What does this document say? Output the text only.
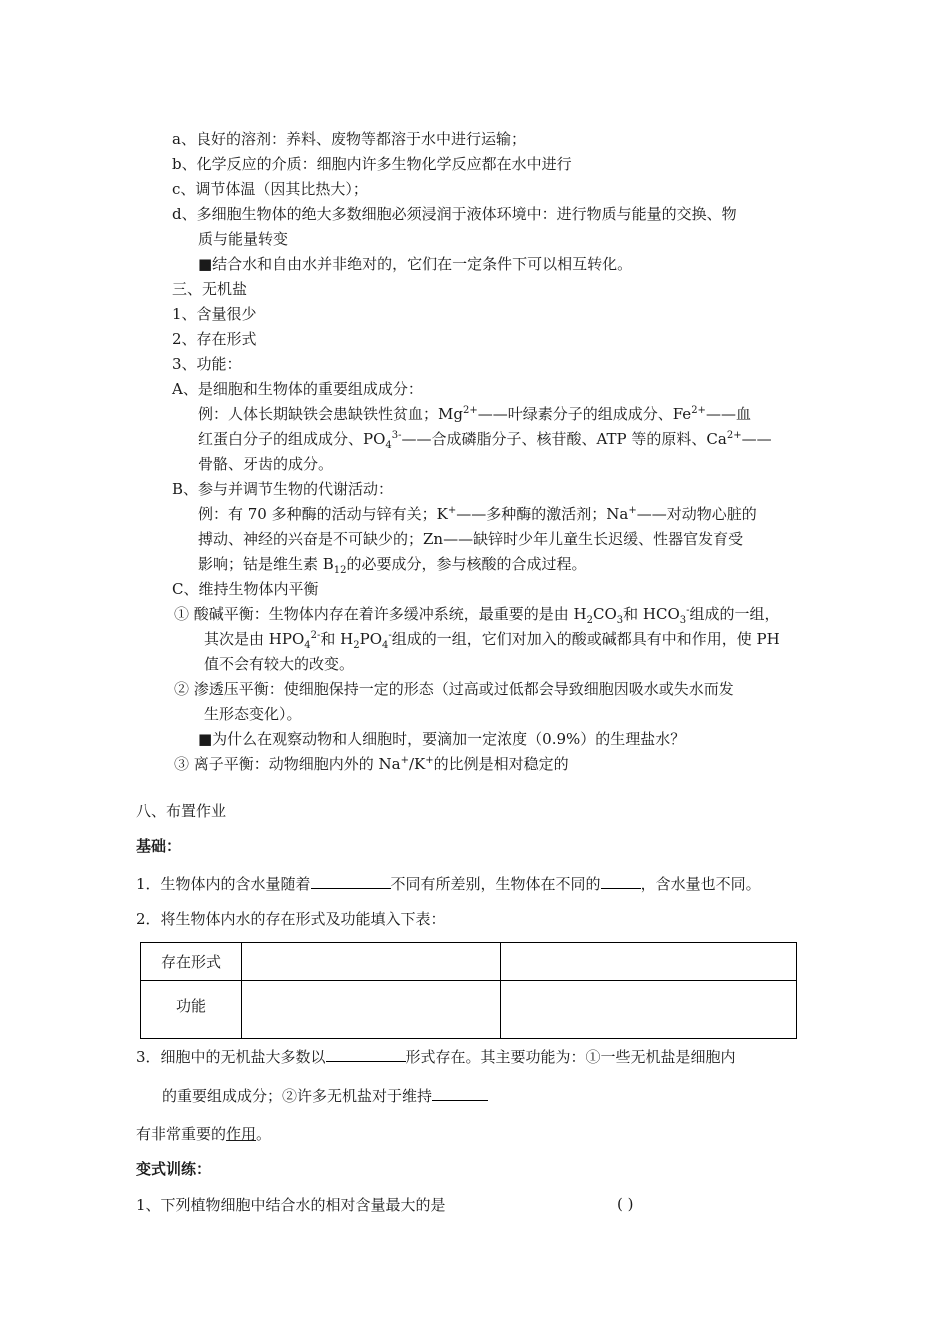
a、良好的溶剂：养料、废物等都溶于水中进行运输；
b、化学反应的介质：细胞内许多生物化学反应都在水中进行
c、调节体温（因其比热大）；
d、多细胞生物体的绝大多数细胞必须浸润于液体环境中：进行物质与能量的交换、物
质与能量转变
■结合水和自由水并非绝对的，它们在一定条件下可以相互转化。
三、无机盐
1、含量很少
2、存在形式
3、功能：
A、是细胞和生物体的重要组成成分：
例：人体长期缺铁会患缺铁性贫血；$Mg^{2+}——$叶绿素分子的组成成分、$Fe^{2+}——$血
红蛋白分子的组成成分、$PO_4^{3-}——$合成磷脂分子、核苷酸、ATP 等的原料、$Ca^{2+}——$
骨骼、牙齿的成分。
B、参与并调节生物的代谢活动：
例：有 70 多种酶的活动与锌有关；K+——多种酶的激活剂；Na+——对动物心脏的
搏动、神经的兴奋是不可缺少的；Zn——缺锌时少年儿童生长迟缓、性器官发育受
影响；钴是维生素 $B_{12}$的必要成分，参与核酸的合成过程。
C、维持生物体内平衡
① 酸碱平衡：生物体内存在着许多缓冲系统，最重要的是由 $H_2CO_3$和 $HCO_3^-$组成的一组，
其次是由 $HPO_4^{2-}$和 $H_2PO_4^-$组成的一组，它们对加入的酸或碱都具有中和作用，使 PH
值不会有较大的改变。
② 渗透压平衡：使细胞保持一定的形态（过高或过低都会导致细胞因吸水或失水而发
生形态变化）。
■为什么在观察动物和人细胞时，要滴加一定浓度（0.9%）的生理盐水？
③ 离子平衡：动物细胞内外的 Na+/K+的比例是相对稳定的
八、布置作业
基础：
1．生物体内的含水量随着	不同有所差别，生物体在不同的	，含水量也不同。
2．将生物体内水的存在形式及功能填入下表：
存在形式		
功能		
3．细胞中的无机盐大多数以	形式存在。其主要功能为：①一些无机盐是细胞内
的重要组成成分；②许多无机盐对于维持
有非常重要的作用。
变式训练：
1、下列植物细胞中结合水的相对含量最大的是	( )
